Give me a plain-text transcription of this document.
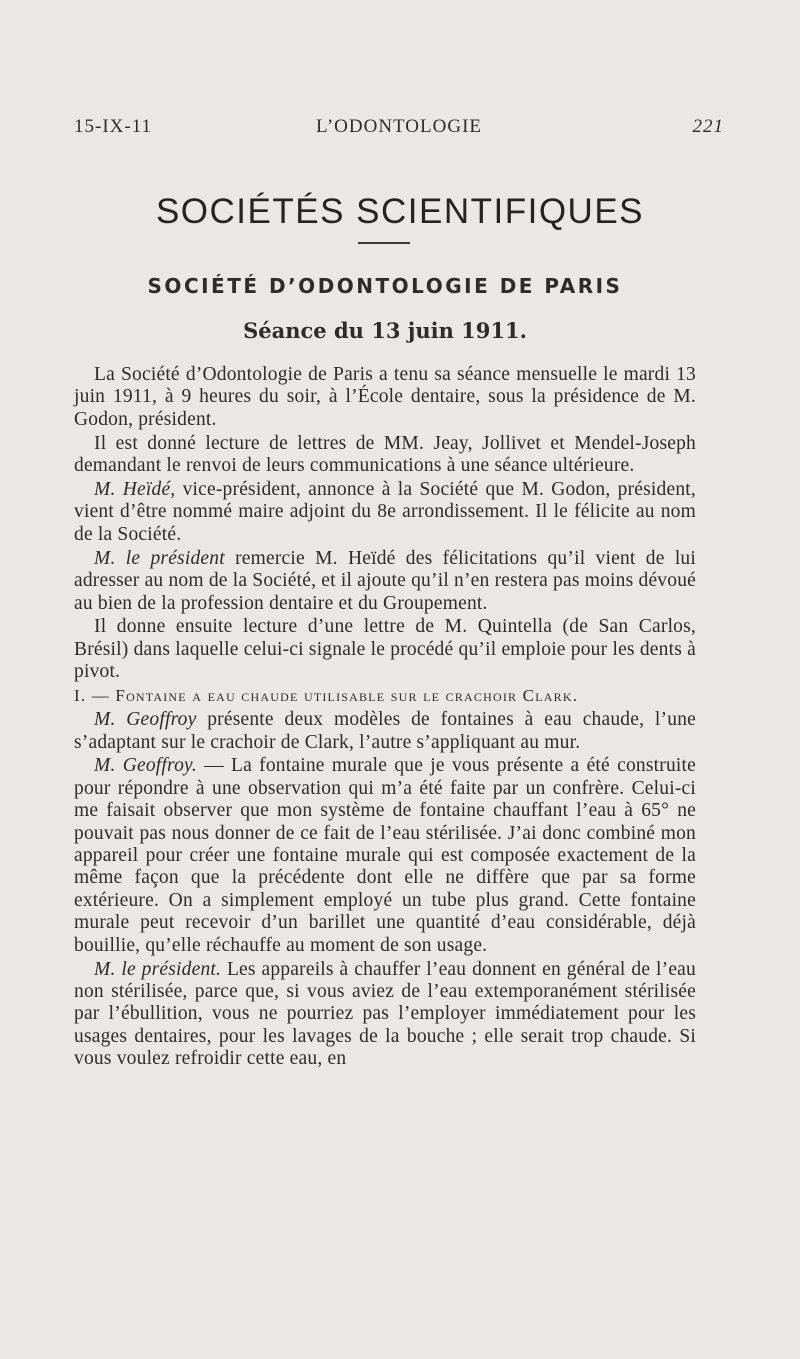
15-IX-11	L’ODONTOLOGIE	221
SOCIÉTÉS SCIENTIFIQUES
SOCIÉTÉ D’ODONTOLOGIE DE PARIS
Séance du 13 juin 1911.

La Société d’Odontologie de Paris a tenu sa séance mensuelle le mardi 13 juin 1911, à 9 heures du soir, à l’École dentaire, sous la présidence de M. Godon, président.

Il est donné lecture de lettres de MM. Jeay, Jollivet et Mendel-Joseph demandant le renvoi de leurs communications à une séance ultérieure.

M. Heïdé, vice-président, annonce à la Société que M. Godon, président, vient d’être nommé maire adjoint du 8e arrondissement. Il le félicite au nom de la Société.

M. le président remercie M. Heïdé des félicitations qu’il vient de lui adresser au nom de la Société, et il ajoute qu’il n’en restera pas moins dévoué au bien de la profession dentaire et du Groupement.

Il donne ensuite lecture d’une lettre de M. Quintella (de San Carlos, Brésil) dans laquelle celui-ci signale le procédé qu’il emploie pour les dents à pivot.

I. — Fontaine a eau chaude utilisable sur le crachoir Clark.

M. Geoffroy présente deux modèles de fontaines à eau chaude, l’une s’adaptant sur le crachoir de Clark, l’autre s’appliquant au mur.

M. Geoffroy. — La fontaine murale que je vous présente a été construite pour répondre à une observation qui m’a été faite par un confrère. Celui-ci me faisait observer que mon système de fontaine chauffant l’eau à 65° ne pouvait pas nous donner de ce fait de l’eau stérilisée. J’ai donc combiné mon appareil pour créer une fontaine murale qui est composée exactement de la même façon que la précédente dont elle ne diffère que par sa forme extérieure. On a simplement employé un tube plus grand. Cette fontaine murale peut recevoir d’un barillet une quantité d’eau considérable, déjà bouillie, qu’elle réchauffe au moment de son usage.

M. le président. Les appareils à chauffer l’eau donnent en général de l’eau non stérilisée, parce que, si vous aviez de l’eau extemporanément stérilisée par l’ébullition, vous ne pourriez pas l’employer immédiatement pour les usages dentaires, pour les lavages de la bouche ; elle serait trop chaude. Si vous voulez refroidir cette eau, en
